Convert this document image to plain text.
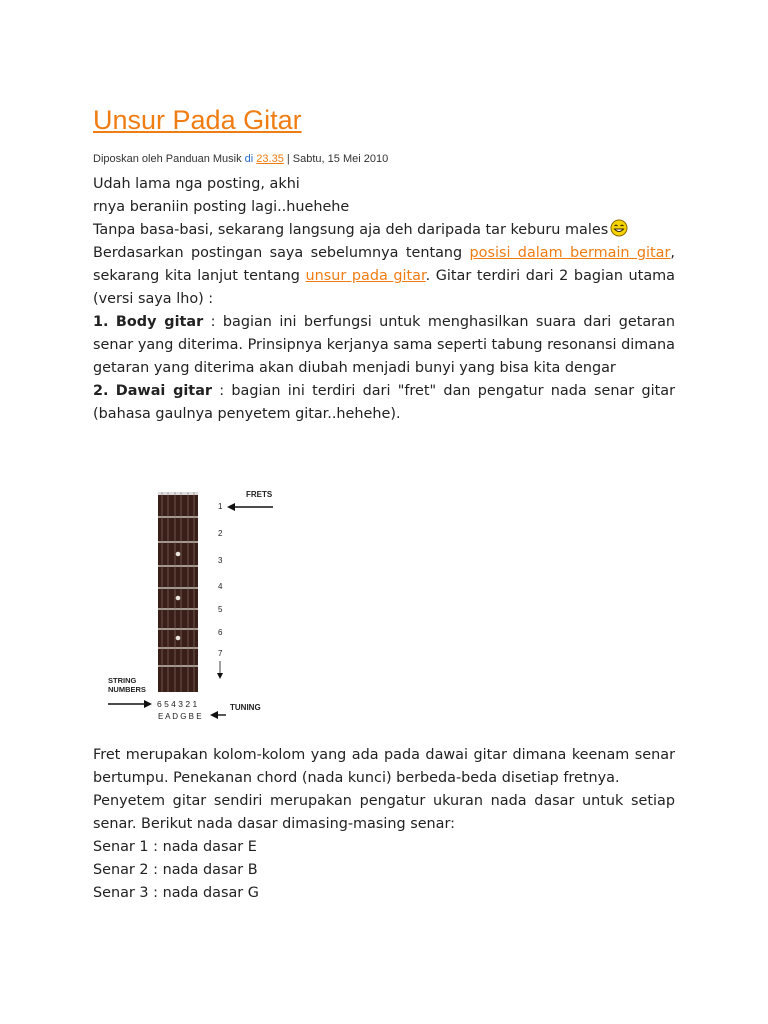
Unsur Pada Gitar
Diposkan oleh Panduan Musik di 23.35 | Sabtu, 15 Mei 2010

Udah lama nga posting, akhi

rnya beraniin posting lagi..huehehe

Tanpa basa-basi, sekarang langsung aja deh daripada tar keburu males

Berdasarkan postingan saya sebelumnya tentang posisi dalam bermain gitar, sekarang kita lanjut tentang unsur pada gitar. Gitar terdiri dari 2 bagian utama (versi saya lho) :

1. Body gitar : bagian ini berfungsi untuk menghasilkan suara dari getaran senar yang diterima. Prinsipnya kerjanya sama seperti tabung resonansi dimana getaran yang diterima akan diubah menjadi bunyi yang bisa kita dengar

2. Dawai gitar : bagian ini terdiri dari "fret" dan pengatur nada senar gitar (bahasa gaulnya penyetem gitar..hehehe).

FRETS
1
2
3
4
5
6
7
STRING
NUMBERS
6 5 4 3 2 1
E A D G B E
TUNING

Fret merupakan kolom-kolom yang ada pada dawai gitar dimana keenam senar bertumpu. Penekanan chord (nada kunci) berbeda-beda disetiap fretnya.

Penyetem gitar sendiri merupakan pengatur ukuran nada dasar untuk setiap senar. Berikut nada dasar dimasing-masing senar:

Senar 1 : nada dasar E

Senar 2 : nada dasar B

Senar 3 : nada dasar G
